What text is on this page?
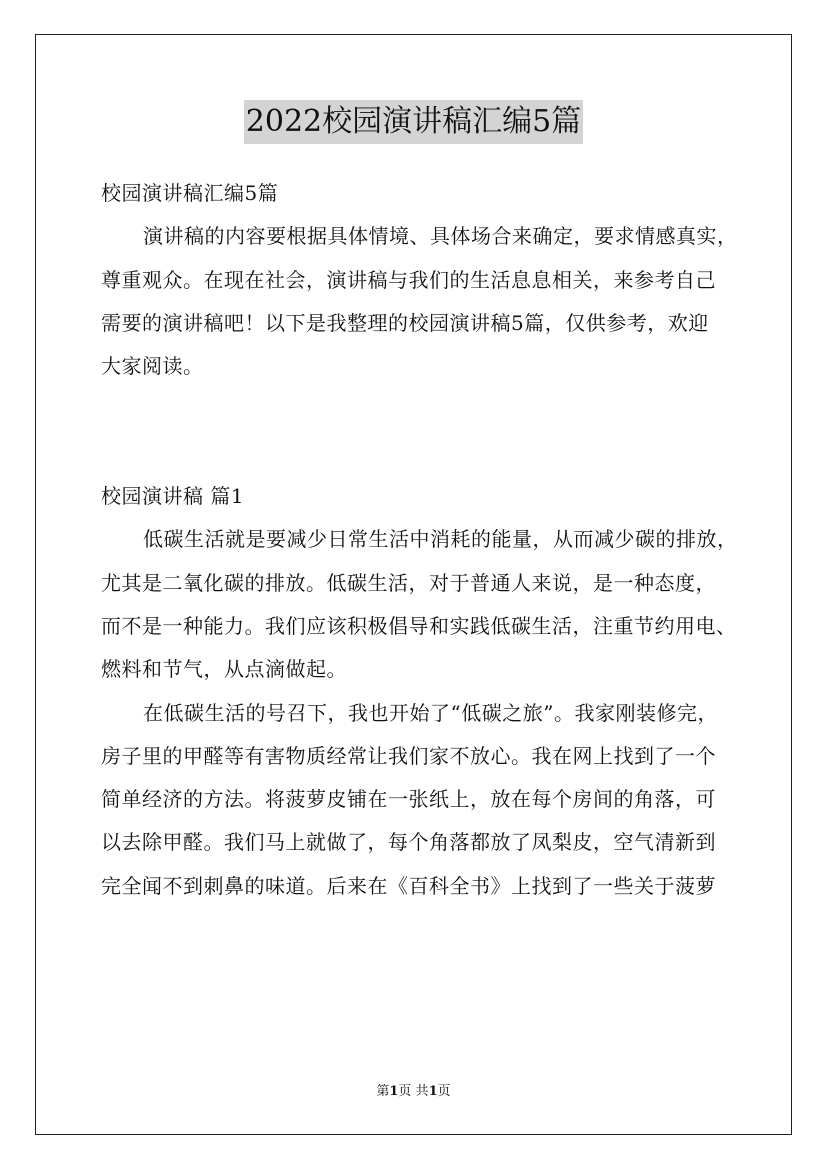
2022校园演讲稿汇编5篇
校园演讲稿汇编5篇
演讲稿的内容要根据具体情境、具体场合来确定，要求情感真实，
尊重观众。在现在社会，演讲稿与我们的生活息息相关，来参考自己
需要的演讲稿吧！以下是我整理的校园演讲稿5篇，仅供参考，欢迎
大家阅读。
校园演讲稿 篇1
低碳生活就是要减少日常生活中消耗的能量，从而减少碳的排放，
尤其是二氧化碳的排放。低碳生活，对于普通人来说，是一种态度，
而不是一种能力。我们应该积极倡导和实践低碳生活，注重节约用电、
燃料和节气，从点滴做起。
在低碳生活的号召下，我也开始了“低碳之旅”。我家刚装修完，
房子里的甲醛等有害物质经常让我们家不放心。我在网上找到了一个
简单经济的方法。将菠萝皮铺在一张纸上，放在每个房间的角落，可
以去除甲醛。我们马上就做了，每个角落都放了凤梨皮，空气清新到
完全闻不到刺鼻的味道。后来在《百科全书》上找到了一些关于菠萝
第1页 共1页
